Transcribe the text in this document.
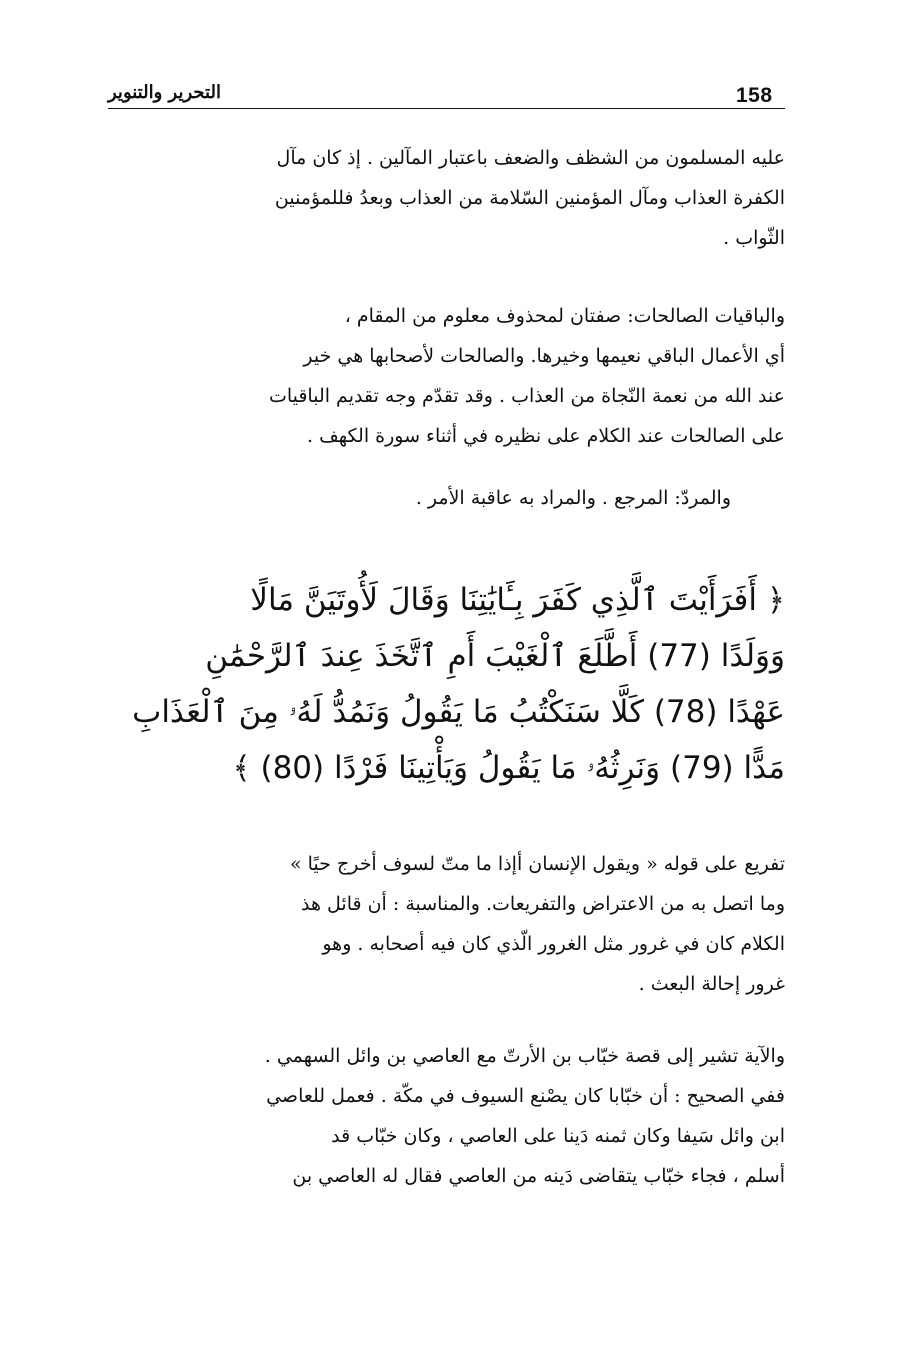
158
التحرير والتنوير

عليه المسلمون من الشظف والضعف باعتبار المآلين . إذ كان مآل
الكفرة العذاب ومآل المؤمنين السّلامة من العذاب وبعدُ فللمؤمنين
الثّواب .

والباقيات الصالحات: صفتان لمحذوف معلوم من المقام ،
أي الأعمال الباقي نعيمها وخيرها. والصالحات لأصحابها هي خير
عند الله من نعمة النّجاة من العذاب . وقد تقدّم وجه تقديم الباقيات
على الصالحات عند الكلام على نظيره في أثناء سورة الكهف .

والمردّ: المرجع . والمراد به عاقبة الأمر .

﴿ أَفَرَأَيْتَ ٱلَّذِي كَفَرَ بِـَٔايَٰتِنَا وَقَالَ لَأُوتَيَنَّ مَالًا
وَوَلَدًا (77) أَطَّلَعَ ٱلْغَيْبَ أَمِ ٱتَّخَذَ عِندَ ٱلرَّحْمَٰنِ
عَهْدًا (78) كَلَّا سَنَكْتُبُ مَا يَقُولُ وَنَمُدُّ لَهُۥ مِنَ ٱلْعَذَابِ
مَدًّا (79) وَنَرِثُهُۥ مَا يَقُولُ وَيَأْتِينَا فَرْدًا (80) ﴾

تفريع على قوله « ويقول الإنسان أإذا ما متّ لسوف أخرج حيًا »
وما اتصل به من الاعتراض والتفريعات. والمناسبة : أن قائل هذ
الكلام كان في غرور مثل الغرور الّذي كان فيه أصحابه . وهو
غرور إحالة البعث .

والآية تشير إلى قصة خبّاب بن الأرتّ مع العاصي بن وائل السهمي .
ففي الصحيح : أن خبّابا كان يصْنع السيوف في مكّة . فعمل للعاصي
ابن وائل سَيفا وكان ثمنه دَينا على العاصي ، وكان خبّاب قد
أسلم ، فجاء خبّاب يتقاضى دَينه من العاصي فقال له العاصي بن
